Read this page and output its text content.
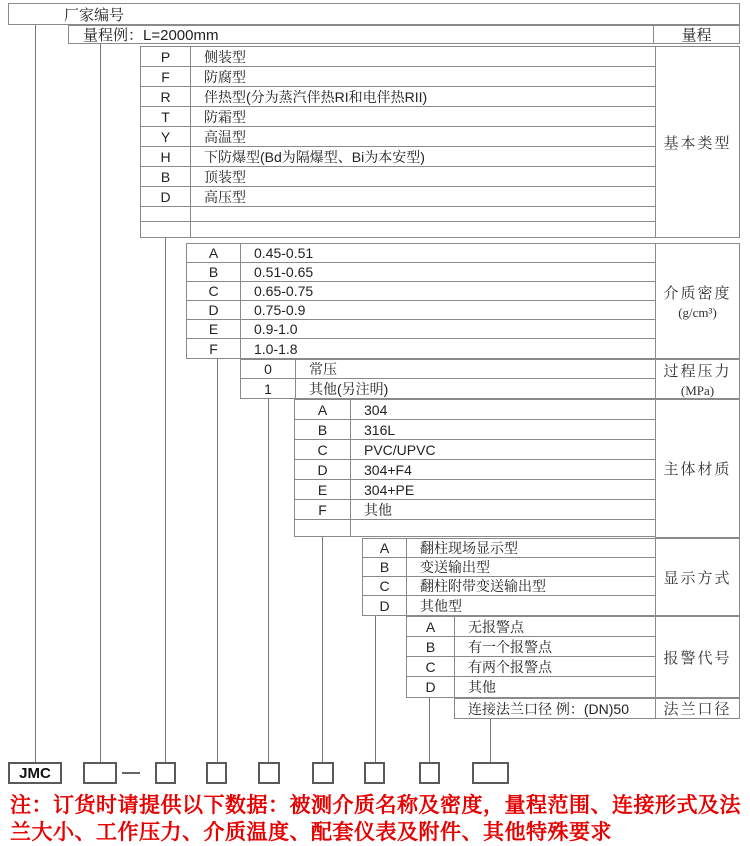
厂家编号
量程例：L=2000mm	量程
P	侧装型
F	防腐型
R	伴热型(分为蒸汽伴热RI和电伴热RII)
T	防霜型
Y	高温型
H	下防爆型(Bd为隔爆型、Bi为本安型)
B	顶装型
D	高压型
基本类型
A	0.45-0.51
B	0.51-0.65
C	0.65-0.75
D	0.75-0.9
E	0.9-1.0
F	1.0-1.8
介质密度
(g/cm³)
0	常压
1	其他(另注明)
过程压力
(MPa)
A	304
B	316L
C	PVC/UPVC
D	304+F4
E	304+PE
F	其他
主体材质
A	翻柱现场显示型
B	变送输出型
C	翻柱附带变送输出型
D	其他型
显示方式
A	无报警点
B	有一个报警点
C	有两个报警点
D	其他
报警代号
连接法兰口径 例：(DN)50 法兰口径
JMC
注：订货时请提供以下数据：被测介质名称及密度，量程范围、连接形式及法兰大小、工作压力、介质温度、配套仪表及附件、其他特殊要求
